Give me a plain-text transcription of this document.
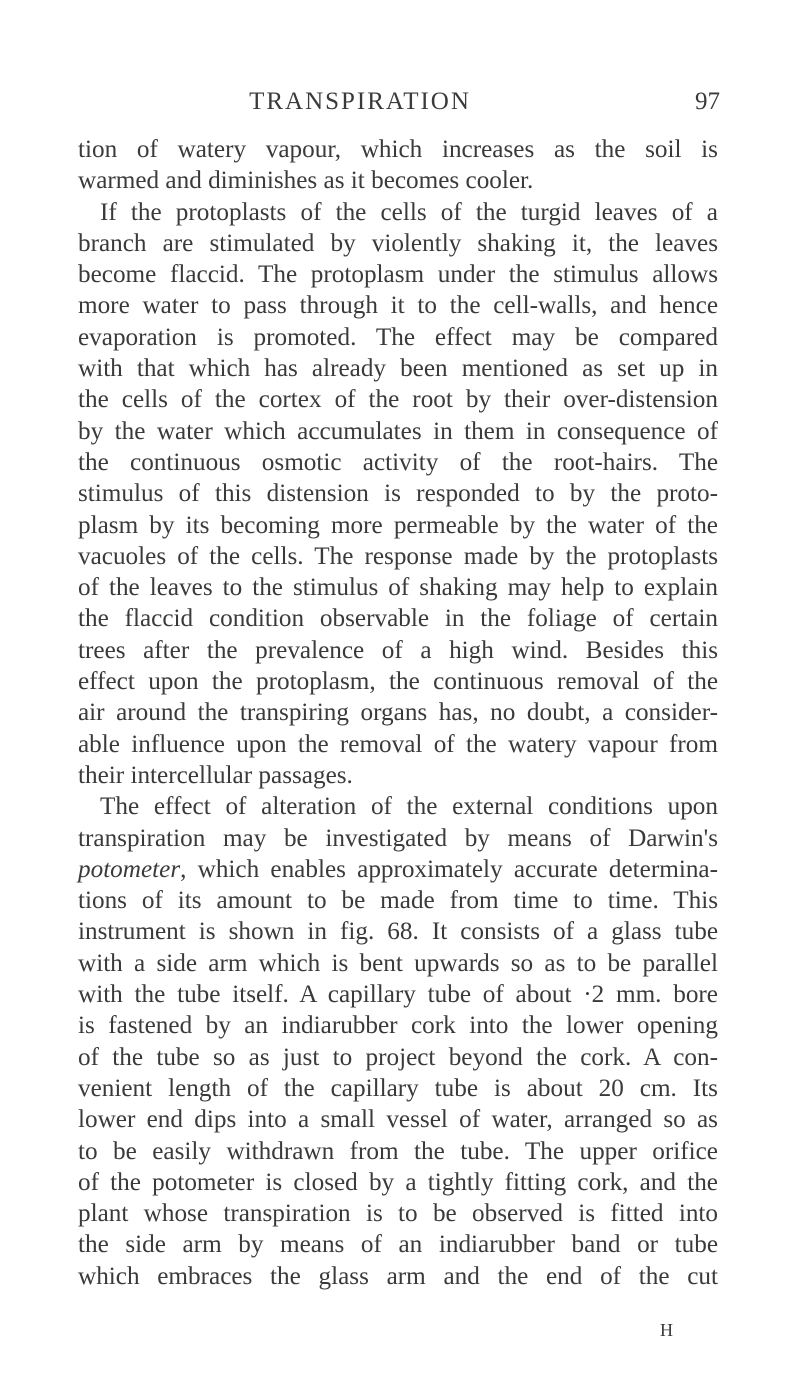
TRANSPIRATION	97
tion of watery vapour, which increases as the soil is
warmed and diminishes as it becomes cooler.
If the protoplasts of the cells of the turgid leaves of a
branch are stimulated by violently shaking it, the leaves
become flaccid. The protoplasm under the stimulus allows
more water to pass through it to the cell-walls, and hence
evaporation is promoted. The effect may be compared
with that which has already been mentioned as set up in
the cells of the cortex of the root by their over-distension
by the water which accumulates in them in consequence of
the continuous osmotic activity of the root-hairs. The
stimulus of this distension is responded to by the proto-
plasm by its becoming more permeable by the water of the
vacuoles of the cells. The response made by the protoplasts
of the leaves to the stimulus of shaking may help to explain
the flaccid condition observable in the foliage of certain
trees after the prevalence of a high wind. Besides this
effect upon the protoplasm, the continuous removal of the
air around the transpiring organs has, no doubt, a consider-
able influence upon the removal of the watery vapour from
their intercellular passages.
The effect of alteration of the external conditions upon
transpiration may be investigated by means of Darwin's
potometer, which enables approximately accurate determina-
tions of its amount to be made from time to time. This
instrument is shown in fig. 68. It consists of a glass tube
with a side arm which is bent upwards so as to be parallel
with the tube itself. A capillary tube of about ·2 mm. bore
is fastened by an indiarubber cork into the lower opening
of the tube so as just to project beyond the cork. A con-
venient length of the capillary tube is about 20 cm. Its
lower end dips into a small vessel of water, arranged so as
to be easily withdrawn from the tube. The upper orifice
of the potometer is closed by a tightly fitting cork, and the
plant whose transpiration is to be observed is fitted into
the side arm by means of an indiarubber band or tube
which embraces the glass arm and the end of the cut
H
